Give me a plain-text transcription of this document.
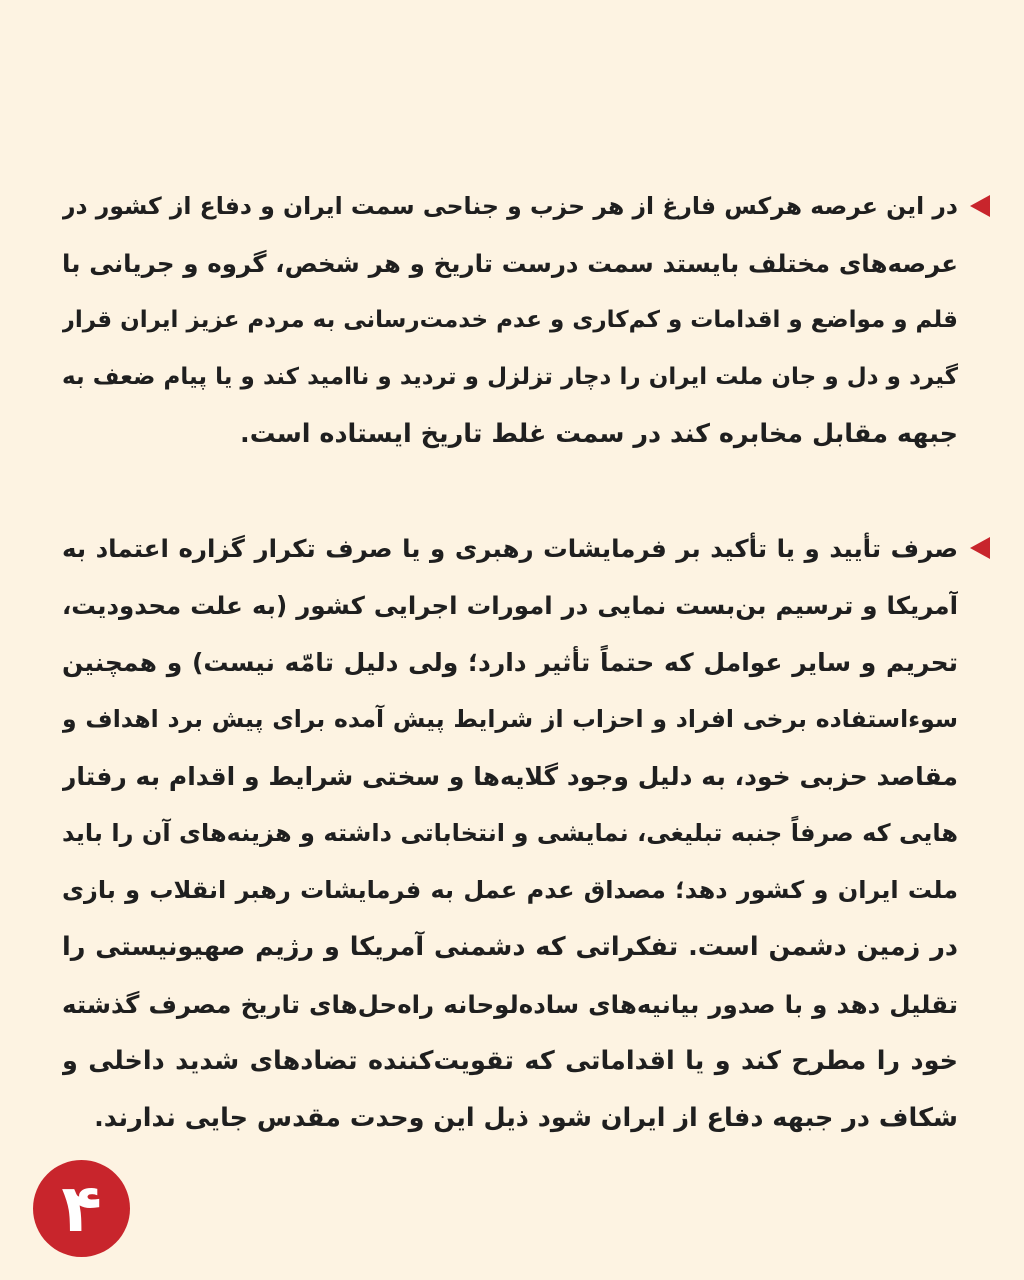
در این عرصه هرکس فارغ از هر حزب و جناحی سمت ایران و دفاع از کشور در
عرصه‌های مختلف بایستد سمت درست تاریخ و هر شخص، گروه و جریانی با
قلم و مواضع و اقدامات و کم‌کاری و عدم خدمت‌رسانی به مردم عزیز ایران قرار
گیرد و دل و جان ملت ایران را دچار تزلزل و تردید و ناامید کند و یا پیام ضعف به
جبهه مقابل مخابره کند در سمت غلط تاریخ ایستاده است.
صرف تأیید و یا تأکید بر فرمایشات رهبری و یا صرف تکرار گزاره اعتماد به
آمریکا و ترسیم بن‌بست نمایی در امورات اجرایی کشور (به علت محدودیت،
تحریم و سایر عوامل که حتماً تأثیر دارد؛ ولی دلیل تامّه نیست) و همچنین
سوءاستفاده برخی افراد و احزاب از شرایط پیش آمده برای پیش برد اهداف و
مقاصد حزبی خود، به دلیل وجود گلایه‌ها و سختی شرایط و اقدام به رفتار
هایی که صرفاً جنبه تبلیغی، نمایشی و انتخاباتی داشته و هزینه‌های آن را باید
ملت ایران و کشور دهد؛ مصداق عدم عمل به فرمایشات رهبر انقلاب و بازی
در زمین دشمن است. تفکراتی که دشمنی آمریکا و رژیم صهیونیستی را
تقلیل دهد و با صدور بیانیه‌های ساده‌لوحانه راه‌حل‌های تاریخ مصرف گذشته
خود را مطرح کند و یا اقداماتی که تقویت‌کننده تضادهای شدید داخلی و
شکاف در جبهه دفاع از ایران شود ذیل این وحدت مقدس جایی ندارند.
۴
